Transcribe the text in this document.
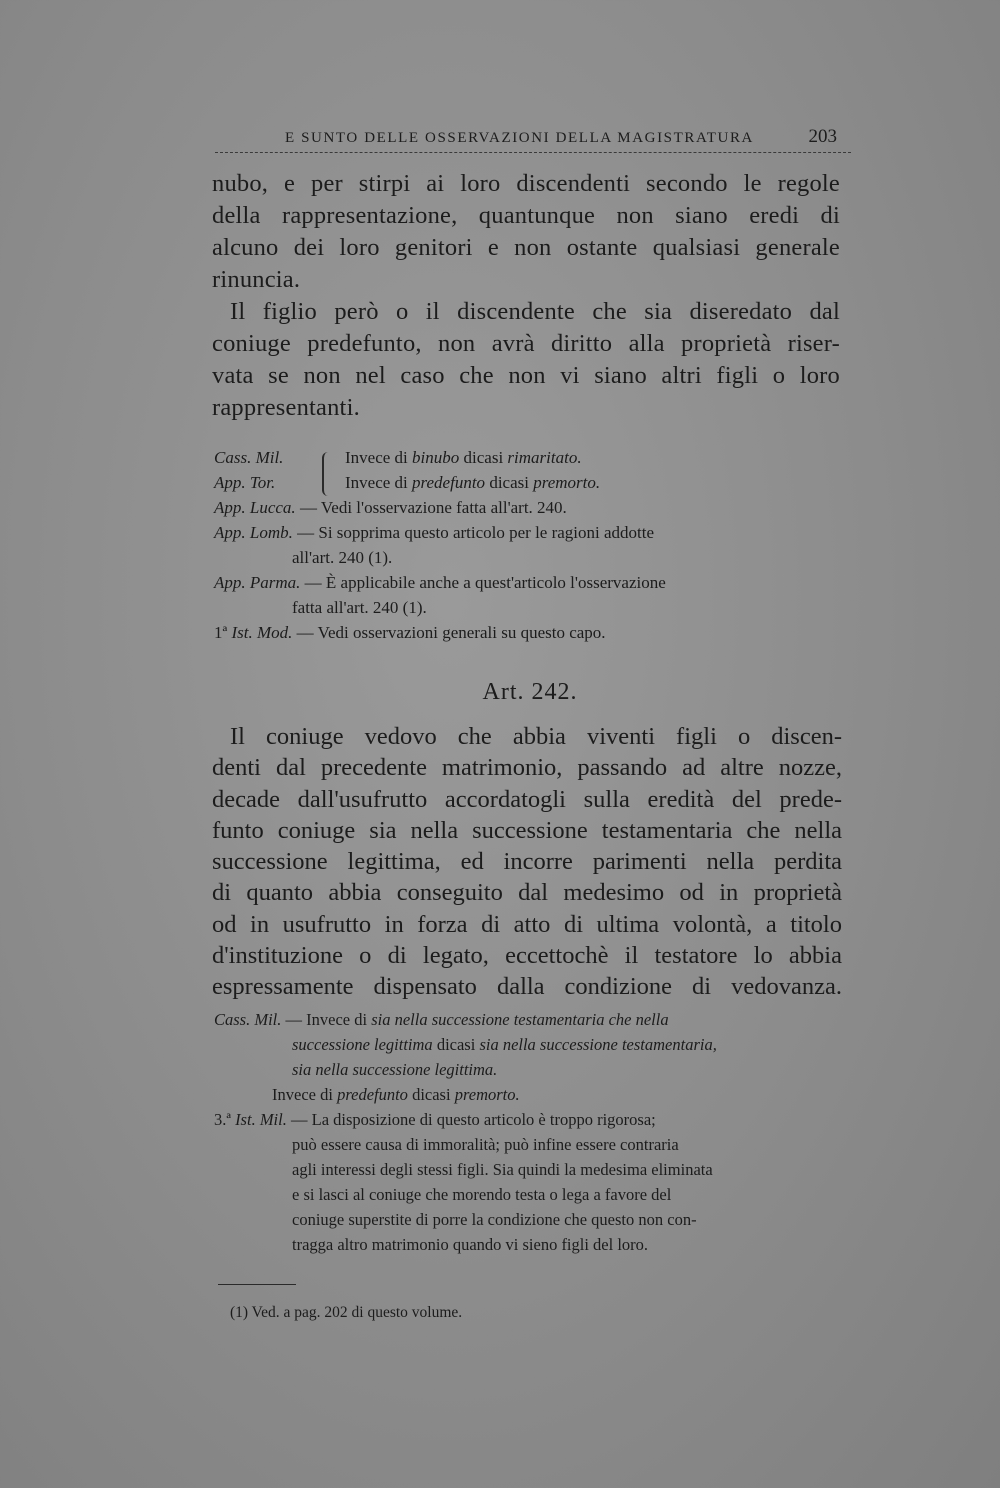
E SUNTO DELLE OSSERVAZIONI DELLA MAGISTRATURA	203
nubo, e per stirpi ai loro discendenti secondo le regole
della rappresentazione, quantunque non siano eredi di
alcuno dei loro genitori e non ostante qualsiasi generale
rinuncia.
Il figlio però o il discendente che sia diseredato dal
coniuge predefunto, non avrà diritto alla proprietà riser-
vata se non nel caso che non vi siano altri figli o loro
rappresentanti.
Cass. Mil.	Invece di binubo dicasi rimaritato.
App. Tor.	Invece di predefunto dicasi premorto.
App. Lucca. — Vedi l'osservazione fatta all'art. 240.
App. Lomb. — Si sopprima questo articolo per le ragioni addotte
all'art. 240 (1).
App. Parma. — È applicabile anche a quest'articolo l'osservazione
fatta all'art. 240 (1).
1ª Ist. Mod. — Vedi osservazioni generali su questo capo.
Art. 242.
Il coniuge vedovo che abbia viventi figli o discen-
denti dal precedente matrimonio, passando ad altre nozze,
decade dall'usufrutto accordatogli sulla eredità del prede-
funto coniuge sia nella successione testamentaria che nella
successione legittima, ed incorre parimenti nella perdita
di quanto abbia conseguito dal medesimo od in proprietà
od in usufrutto in forza di atto di ultima volontà, a titolo
d'instituzione o di legato, eccettochè il testatore lo abbia
espressamente dispensato dalla condizione di vedovanza.
Cass. Mil. — Invece di sia nella successione testamentaria che nella
successione legittima dicasi sia nella successione testamentaria,
sia nella successione legittima.
Invece di predefunto dicasi premorto.
3.ª Ist. Mil. — La disposizione di questo articolo è troppo rigorosa;
può essere causa di immoralità; può infine essere contraria
agli interessi degli stessi figli. Sia quindi la medesima eliminata
e si lasci al coniuge che morendo testa o lega a favore del
coniuge superstite di porre la condizione che questo non con-
tragga altro matrimonio quando vi sieno figli del loro.
(1) Ved. a pag. 202 di questo volume.
